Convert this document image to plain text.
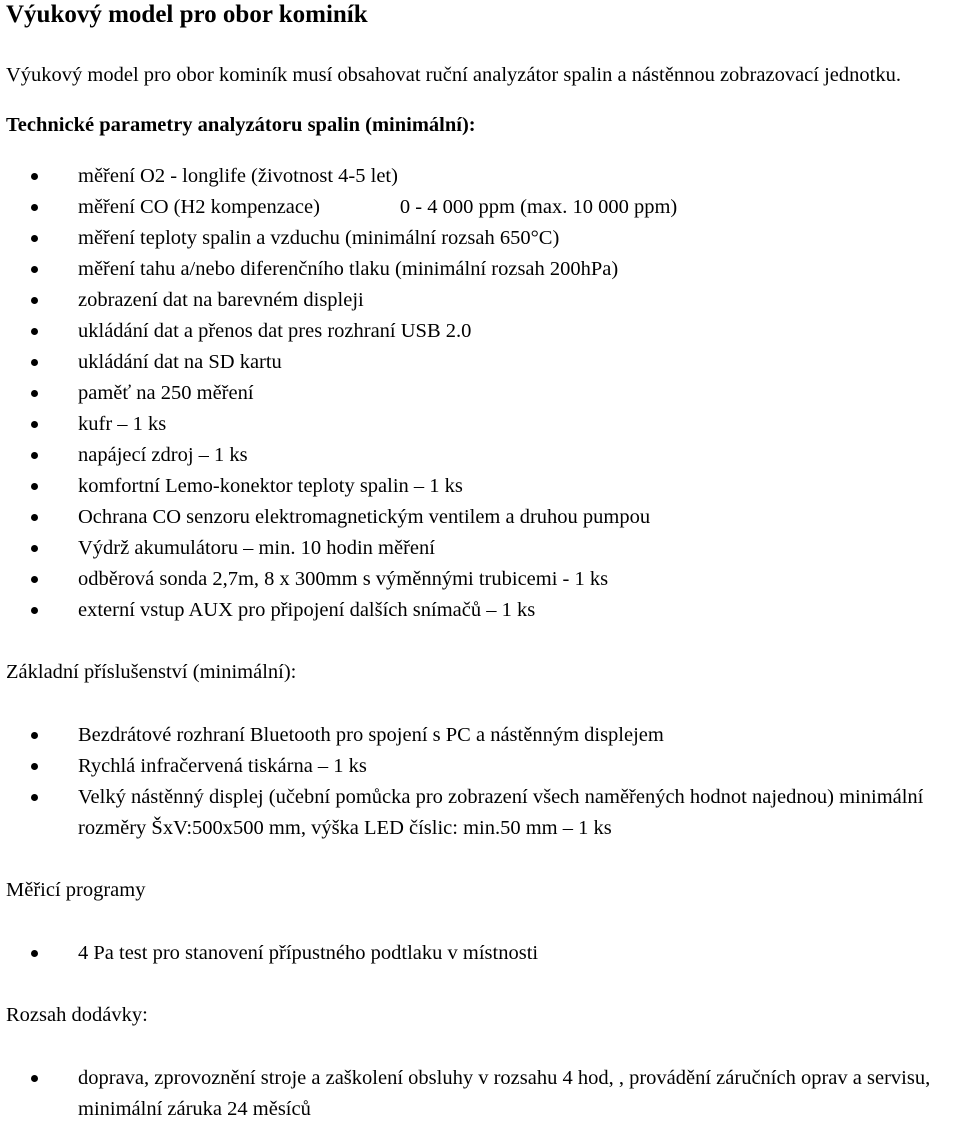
Výukový model pro obor kominík

Výukový model pro obor kominík musí obsahovat ruční analyzátor spalin a nástěnnou zobrazovací jednotku.

Technické parametry analyzátoru spalin (minimální):

měření O2 - longlife (životnost 4-5 let)
měření CO (H2 kompenzace)	0 - 4 000 ppm (max. 10 000 ppm)
měření teploty spalin a vzduchu (minimální rozsah 650°C)
měření tahu a/nebo diferenčního tlaku (minimální rozsah 200hPa)
zobrazení dat na barevném displeji
ukládání dat a přenos dat pres rozhraní USB 2.0
ukládání dat na SD kartu
paměť na 250 měření
kufr – 1 ks
napájecí zdroj – 1 ks
komfortní Lemo-konektor teploty spalin – 1 ks
Ochrana CO senzoru elektromagnetickým ventilem a druhou pumpou
Výdrž akumulátoru – min. 10 hodin měření
odběrová sonda 2,7m, 8 x 300mm s výměnnými trubicemi - 1 ks
externí vstup AUX pro připojení dalších snímačů – 1 ks

Základní příslušenství (minimální):

Bezdrátové rozhraní Bluetooth pro spojení s PC a nástěnným displejem
Rychlá infračervená tiskárna – 1 ks
Velký nástěnný displej (učební pomůcka pro zobrazení všech naměřených hodnot najednou) minimální rozměry ŠxV:500x500 mm, výška LED číslic: min.50 mm – 1 ks

Měřicí programy

4 Pa test pro stanovení přípustného podtlaku v místnosti

Rozsah dodávky:

doprava, zprovoznění stroje a zaškolení obsluhy v rozsahu 4 hod, , provádění záručních oprav a servisu, minimální záruka 24 měsíců
